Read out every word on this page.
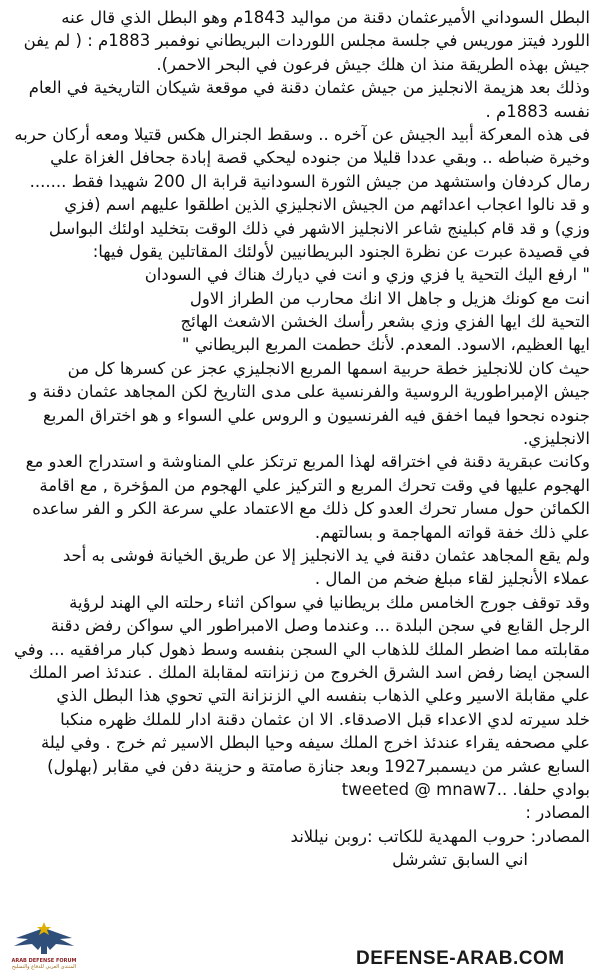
البطل السوداني الأميرعثمان دقنة من مواليد 1843م وهو البطل الذي قال عنه
اللورد فيتز موريس في جلسة مجلس اللوردات البريطاني نوفمبر 1883م : ( لم يفن
جيش بهذه الطريقة منذ ان هلك جيش فرعون في البحر الاحمر).
وذلك بعد هزيمة الانجليز من جيش عثمان دقنة في موقعة شيكان التاريخية في العام
نفسه 1883م .
فى هذه المعركة أبيد الجيش عن آخره .. وسقط الجنرال هكس قتيلا ومعه أركان حربه
وخيرة ضباطه .. وبقي عددا قليلا من جنوده ليحكي قصة إبادة جحافل الغزاة علي
رمال كردفان واستشهد من جيش الثورة السودانية قرابة ال 200 شهيدا فقط .......
و قد نالوا اعجاب اعدائهم من الجيش الانجليزي الذين اطلقوا عليهم اسم (فزي
وزي) و قد قام كبلينج شاعر الانجليز الاشهر في ذلك الوقت بتخليد اولئك البواسل
في قصيدة عبرت عن نظرة الجنود البريطانيين لأولئك المقاتلين يقول فيها:
" ارفع اليك التحية يا فزي وزي و انت في ديارك هناك في السودان
انت مع كونك هزيل و جاهل الا انك محارب من الطراز الاول
التحية لك ايها الفزي وزي بشعر رأسك الخشن الاشعث الهائج
ايها العظيم، الاسود. المعدم. لأنك حطمت المربع البريطاني "
حيث كان للانجليز خطة حربية اسمها المربع الانجليزي عجز عن كسرها كل من
جيش الإمبراطورية الروسية والفرنسية على مدى التاريخ لكن المجاهد عثمان دقنة و
جنوده نجحوا فيما اخفق فيه الفرنسيون و الروس علي السواء و هو اختراق المربع
الانجليزي.
وكانت عبقرية دقنة في اختراقه لهذا المربع ترتكز علي المناوشة و استدراج العدو مع
الهجوم عليها في وقت تحرك المربع و التركيز علي الهجوم من المؤخرة , مع اقامة
الكمائن حول مسار تحرك العدو كل ذلك مع الاعتماد علي سرعة الكر و الفر ساعده
علي ذلك خفة قواته المهاجمة و بسالتهم.
ولم يقع المجاهد عثمان دقنة في يد الانجليز إلا عن طريق الخيانة فوشى به أحد
عملاء الأنجليز لقاء مبلغ ضخم من المال .
وقد توقف جورج الخامس ملك بريطانيا في سواكن اثناء رحلته الي الهند لرؤية
الرجل القابع في سجن البلدة ... وعندما وصل الامبراطور الي سواكن رفض دقنة
مقابلته مما اضطر الملك للذهاب الي السجن بنفسه وسط ذهول كبار مرافقيه ... وفي
السجن ايضا رفض اسد الشرق الخروج من زنزانته لمقابلة الملك . عندئذ اصر الملك
علي مقابلة الاسير وعلي الذهاب بنفسه الي الزنزانة التي تحوي هذا البطل الذي
خلد سيرته لدي الاعداء قبل الاصدقاء. الا ان عثمان دقنة ادار للملك ظهره منكبا
علي مصحفه يقراء عندئذ اخرج الملك سيفه وحيا البطل الاسير ثم خرج . وفي ليلة
السابع عشر من ديسمبر1927 وبعد جنازة صامتة و حزينة دفن في مقابر (بهلول)
بوادي حلفا. ..tweeted @ mnaw7
المصادر :
المصادر: حروب المهدية للكاتب :روبن نيللاند
اني السابق تشرشل
DEFENSE-ARAB.COM
ARAB DEFENSE FORUM
المنتدى العربي للدفاع والتسليح
